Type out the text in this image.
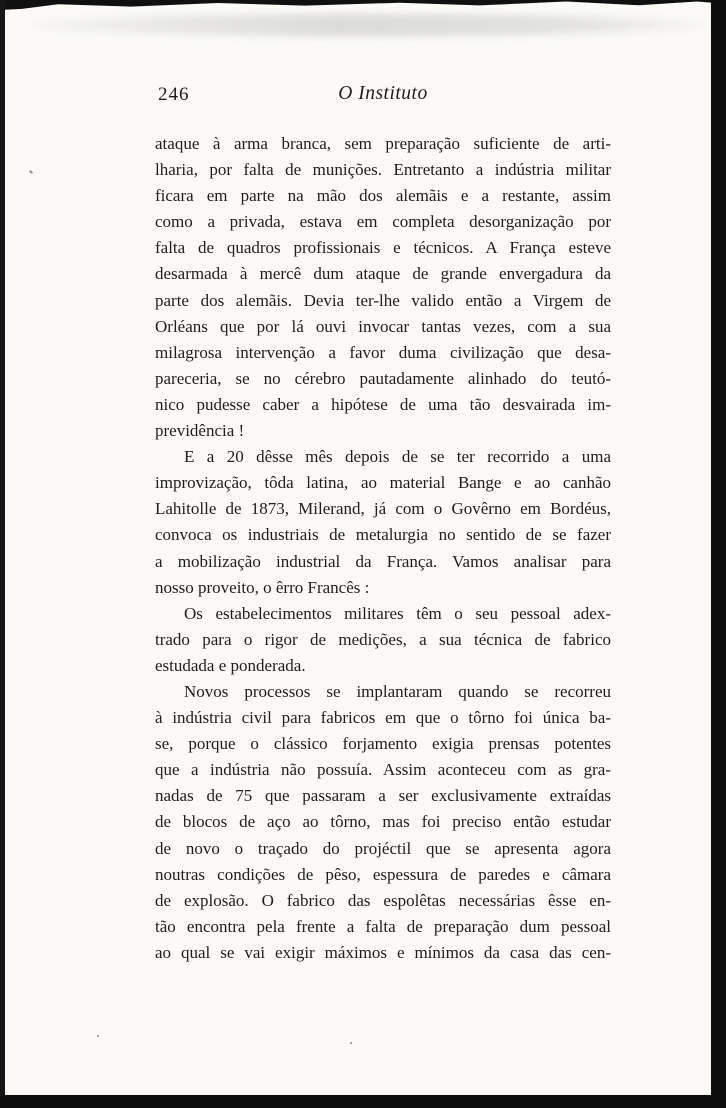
246	O Instituto
ataque à arma branca, sem preparação suficiente de arti-
lharia, por falta de munições. Entretanto a indústria militar
ficara em parte na mão dos alemãis e a restante, assim
como a privada, estava em completa desorganização por
falta de quadros profissionais e técnicos. A França esteve
desarmada à mercê dum ataque de grande envergadura da
parte dos alemãis. Devia ter-lhe valido então a Virgem de
Orléans que por lá ouvi invocar tantas vezes, com a sua
milagrosa intervenção a favor duma civilização que desa-
pareceria, se no cérebro pautadamente alinhado do teutó-
nico pudesse caber a hipótese de uma tão desvairada im-
previdência !
E a 20 dêsse mês depois de se ter recorrido a uma
improvização, tôda latina, ao material Bange e ao canhão
Lahitolle de 1873, Milerand, já com o Govêrno em Bordéus,
convoca os industriais de metalurgia no sentido de se fazer
a mobilização industrial da França. Vamos analisar para
nosso proveito, o êrro Francês :
Os estabelecimentos militares têm o seu pessoal adex-
trado para o rigor de medições, a sua técnica de fabrico
estudada e ponderada.
Novos processos se implantaram quando se recorreu
à indústria civil para fabricos em que o tôrno foi única ba-
se, porque o clássico forjamento exigia prensas potentes
que a indústria não possuía. Assim aconteceu com as gra-
nadas de 75 que passaram a ser exclusivamente extraídas
de blocos de aço ao tôrno, mas foi preciso então estudar
de novo o traçado do projéctil que se apresenta agora
noutras condições de pêso, espessura de paredes e câmara
de explosão. O fabrico das espolêtas necessárias êsse en-
tão encontra pela frente a falta de preparação dum pessoal
ao qual se vai exigir máximos e mínimos da casa das cen-
